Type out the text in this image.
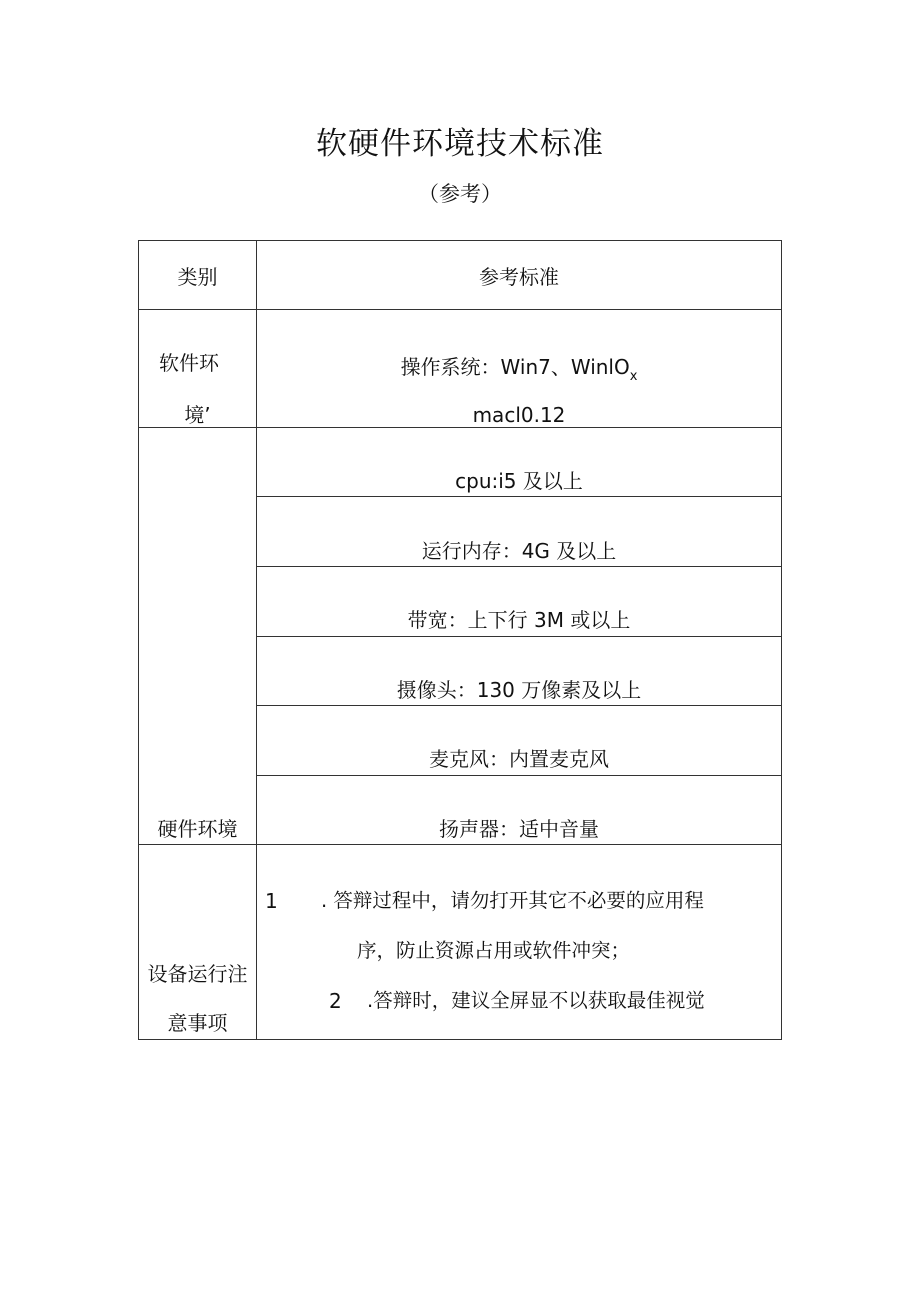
软硬件环境技术标准
（参考）
类别	参考标准
软件环
境’
操作系统：Win7、WinlO$_x$
macl0.12
cpu:i5 及以上
运行内存：4G 及以上
带宽：上下行 3M 或以上
摄像头：130 万像素及以上
麦克风：内置麦克风
扬声器：适中音量
硬件环境
设备运行注
意事项
1 . 答辩过程中，请勿打开其它不必要的应用程
序，防止资源占用或软件冲突；
2 .答辩时，建议全屏显不以获取最佳视觉
